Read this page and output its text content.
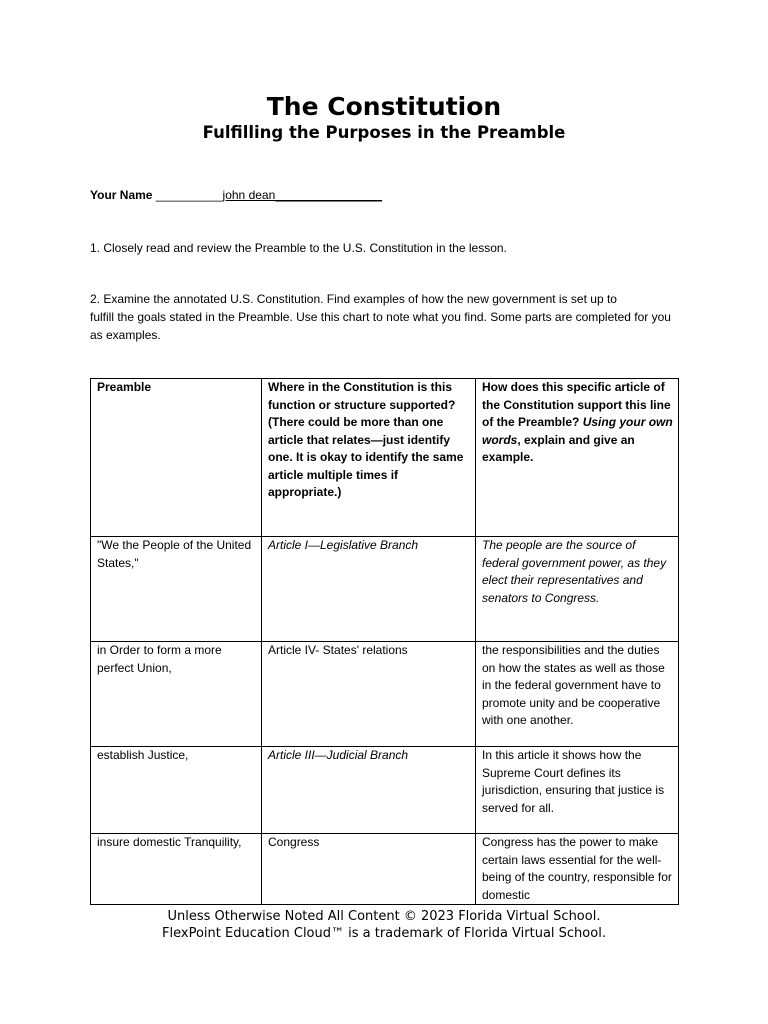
The Constitution
Fulfilling the Purposes in the Preamble
Your Name __________john dean________________
1. Closely read and review the Preamble to the U.S. Constitution in the lesson.
2. Examine the annotated U.S. Constitution. Find examples of how the new government is set up to
fulfill the goals stated in the Preamble. Use this chart to note what you find. Some parts are completed for you as examples.
Preamble	Where in the Constitution is this function or structure supported? (There could be more than one article that relates—just identify one. It is okay to identify the same article multiple times if appropriate.)	How does this specific article of the Constitution support this line of the Preamble? Using your own words, explain and give an example.
"We the People of the United States,"	Article I—Legislative Branch	The people are the source of federal government power, as they elect their representatives and senators to Congress.
in Order to form a more perfect Union,	Article IV- States' relations	the responsibilities and the duties on how the states as well as those in the federal government have to promote unity and be cooperative with one another.
establish Justice,	Article III—Judicial Branch	In this article it shows how the Supreme Court defines its jurisdiction, ensuring that justice is served for all.
insure domestic Tranquility,	Congress	Congress has the power to make certain laws essential for the well-being of the country, responsible for domestic
Unless Otherwise Noted All Content © 2023 Florida Virtual School.
FlexPoint Education Cloud™ is a trademark of Florida Virtual School.
